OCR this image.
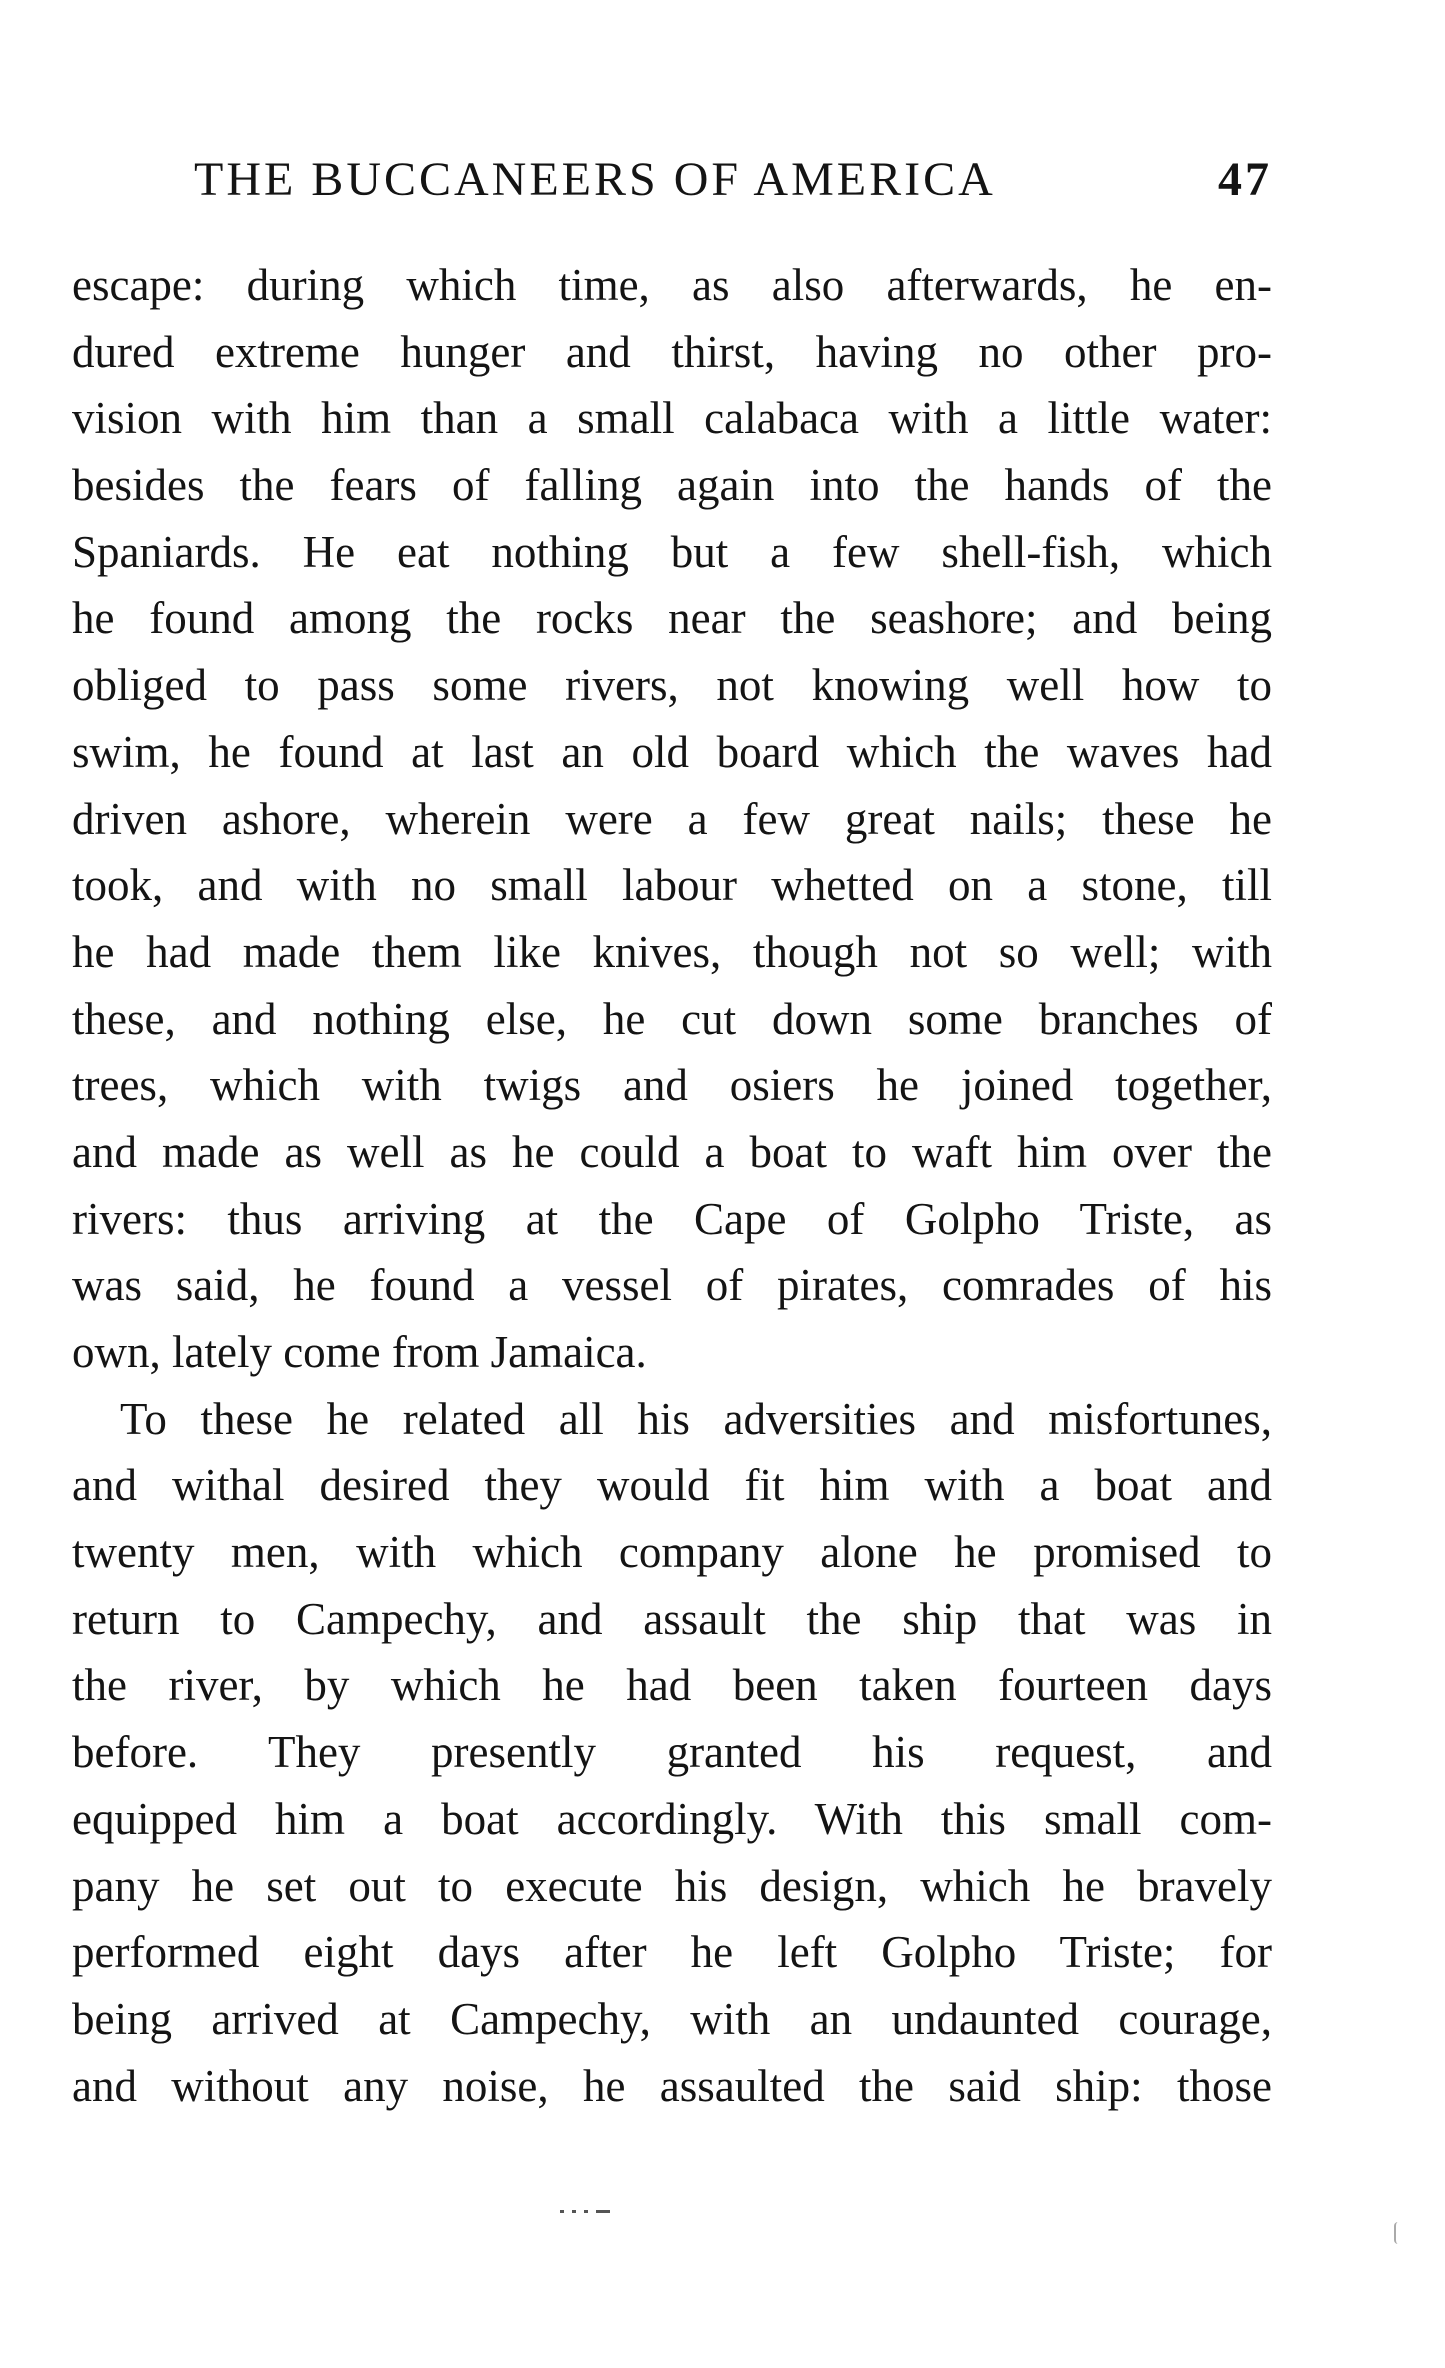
THE BUCCANEERS OF AMERICA	47
escape: during which time, as also afterwards, he en-
dured extreme hunger and thirst, having no other pro-
vision with him than a small calabaca with a little water:
besides the fears of falling again into the hands of the
Spaniards. He eat nothing but a few shell-fish, which
he found among the rocks near the seashore; and being
obliged to pass some rivers, not knowing well how to
swim, he found at last an old board which the waves had
driven ashore, wherein were a few great nails; these he
took, and with no small labour whetted on a stone, till
he had made them like knives, though not so well; with
these, and nothing else, he cut down some branches of
trees, which with twigs and osiers he joined together,
and made as well as he could a boat to waft him over the
rivers: thus arriving at the Cape of Golpho Triste, as
was said, he found a vessel of pirates, comrades of his
own, lately come from Jamaica.
To these he related all his adversities and misfortunes,
and withal desired they would fit him with a boat and
twenty men, with which company alone he promised to
return to Campechy, and assault the ship that was in
the river, by which he had been taken fourteen days
before. They presently granted his request, and
equipped him a boat accordingly. With this small com-
pany he set out to execute his design, which he bravely
performed eight days after he left Golpho Triste; for
being arrived at Campechy, with an undaunted courage,
and without any noise, he assaulted the said ship: those
